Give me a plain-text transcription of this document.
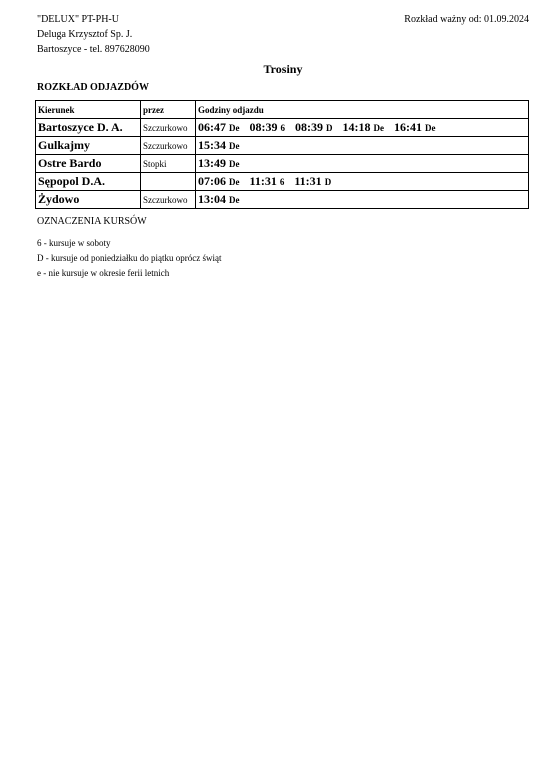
"DELUX" PT-PH-U
Deluga Krzysztof Sp. J.
Bartoszyce - tel. 897628090
Rozkład ważny od: 01.09.2024
Trosiny
ROZKŁAD ODJAZDÓW
Kierunek	przez	Godziny odjazdu
Bartoszyce D. A.	Szczurkowo	06:47 De 08:39 6 08:39 D 14:18 De 16:41 De
Gulkajmy	Szczurkowo	15:34 De
Ostre Bardo	Stopki	13:49 De
Sępopol D.A.		07:06 De 11:31 6 11:31 D
Żydowo	Szczurkowo	13:04 De
OZNACZENIA KURSÓW
6 - kursuje w soboty
D - kursuje od poniedziałku do piątku oprócz świąt
e - nie kursuje w okresie ferii letnich
